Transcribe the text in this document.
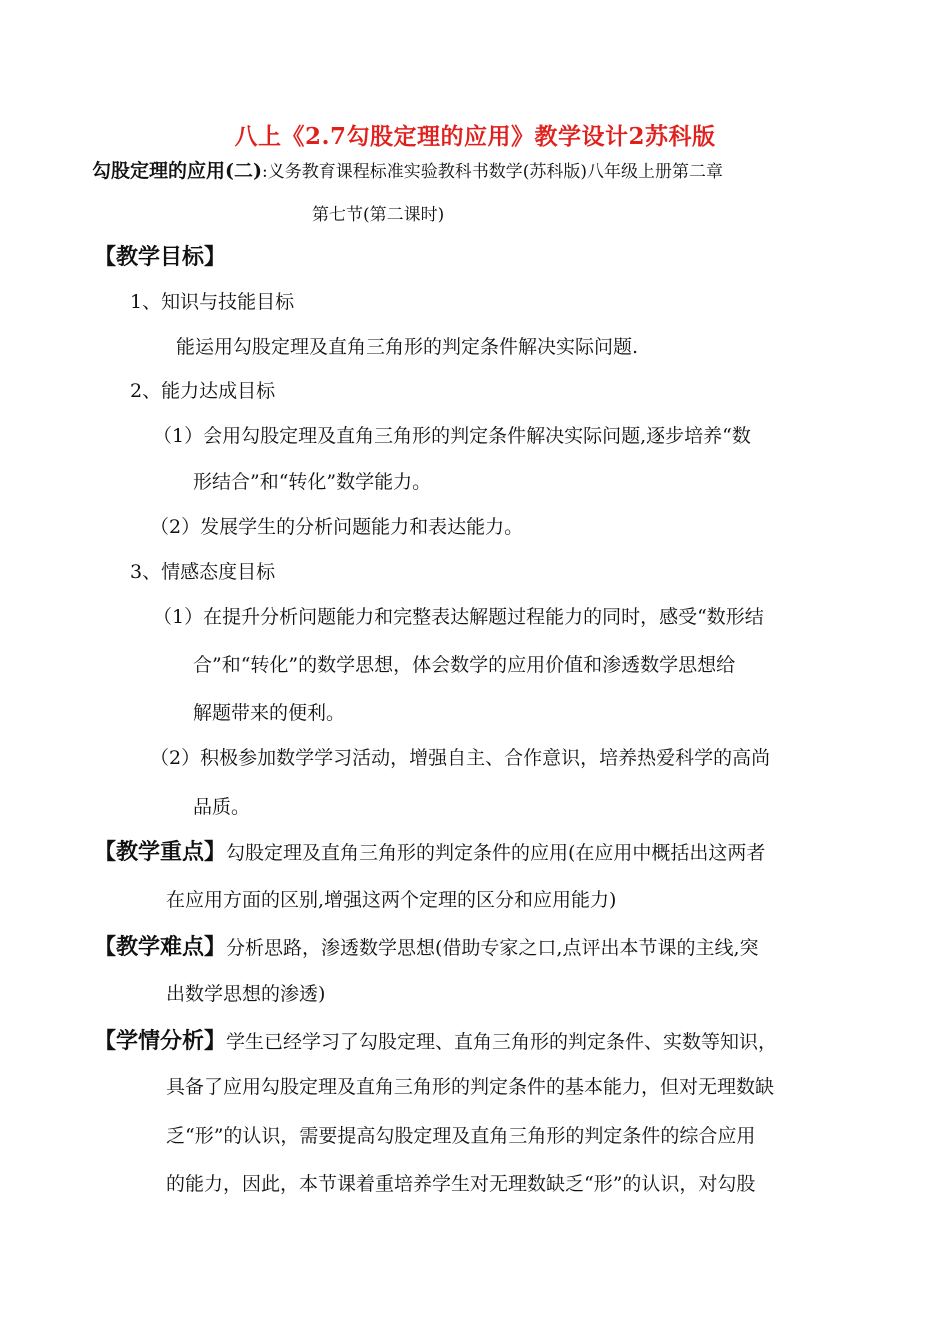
八上《2.7勾股定理的应用》教学设计2苏科版
勾股定理的应用(二):义务教育课程标准实验教科书数学(苏科版)八年级上册第二章
第七节(第二课时)
【教学目标】
1、知识与技能目标
能运用勾股定理及直角三角形的判定条件解决实际问题.
2、能力达成目标
（1）会用勾股定理及直角三角形的判定条件解决实际问题,逐步培养“数
形结合”和“转化”数学能力。
（2）发展学生的分析问题能力和表达能力。
3、情感态度目标
（1）在提升分析问题能力和完整表达解题过程能力的同时，感受“数形结
合”和“转化”的数学思想，体会数学的应用价值和渗透数学思想给
解题带来的便利。
（2）积极参加数学学习活动，增强自主、合作意识，培养热爱科学的高尚
品质。
【教学重点】勾股定理及直角三角形的判定条件的应用(在应用中概括出这两者
在应用方面的区别,增强这两个定理的区分和应用能力)
【教学难点】分析思路，渗透数学思想(借助专家之口,点评出本节课的主线,突
出数学思想的渗透)
【学情分析】学生已经学习了勾股定理、直角三角形的判定条件、实数等知识，
具备了应用勾股定理及直角三角形的判定条件的基本能力，但对无理数缺
乏“形”的认识，需要提高勾股定理及直角三角形的判定条件的综合应用
的能力，因此，本节课着重培养学生对无理数缺乏“形”的认识，对勾股
